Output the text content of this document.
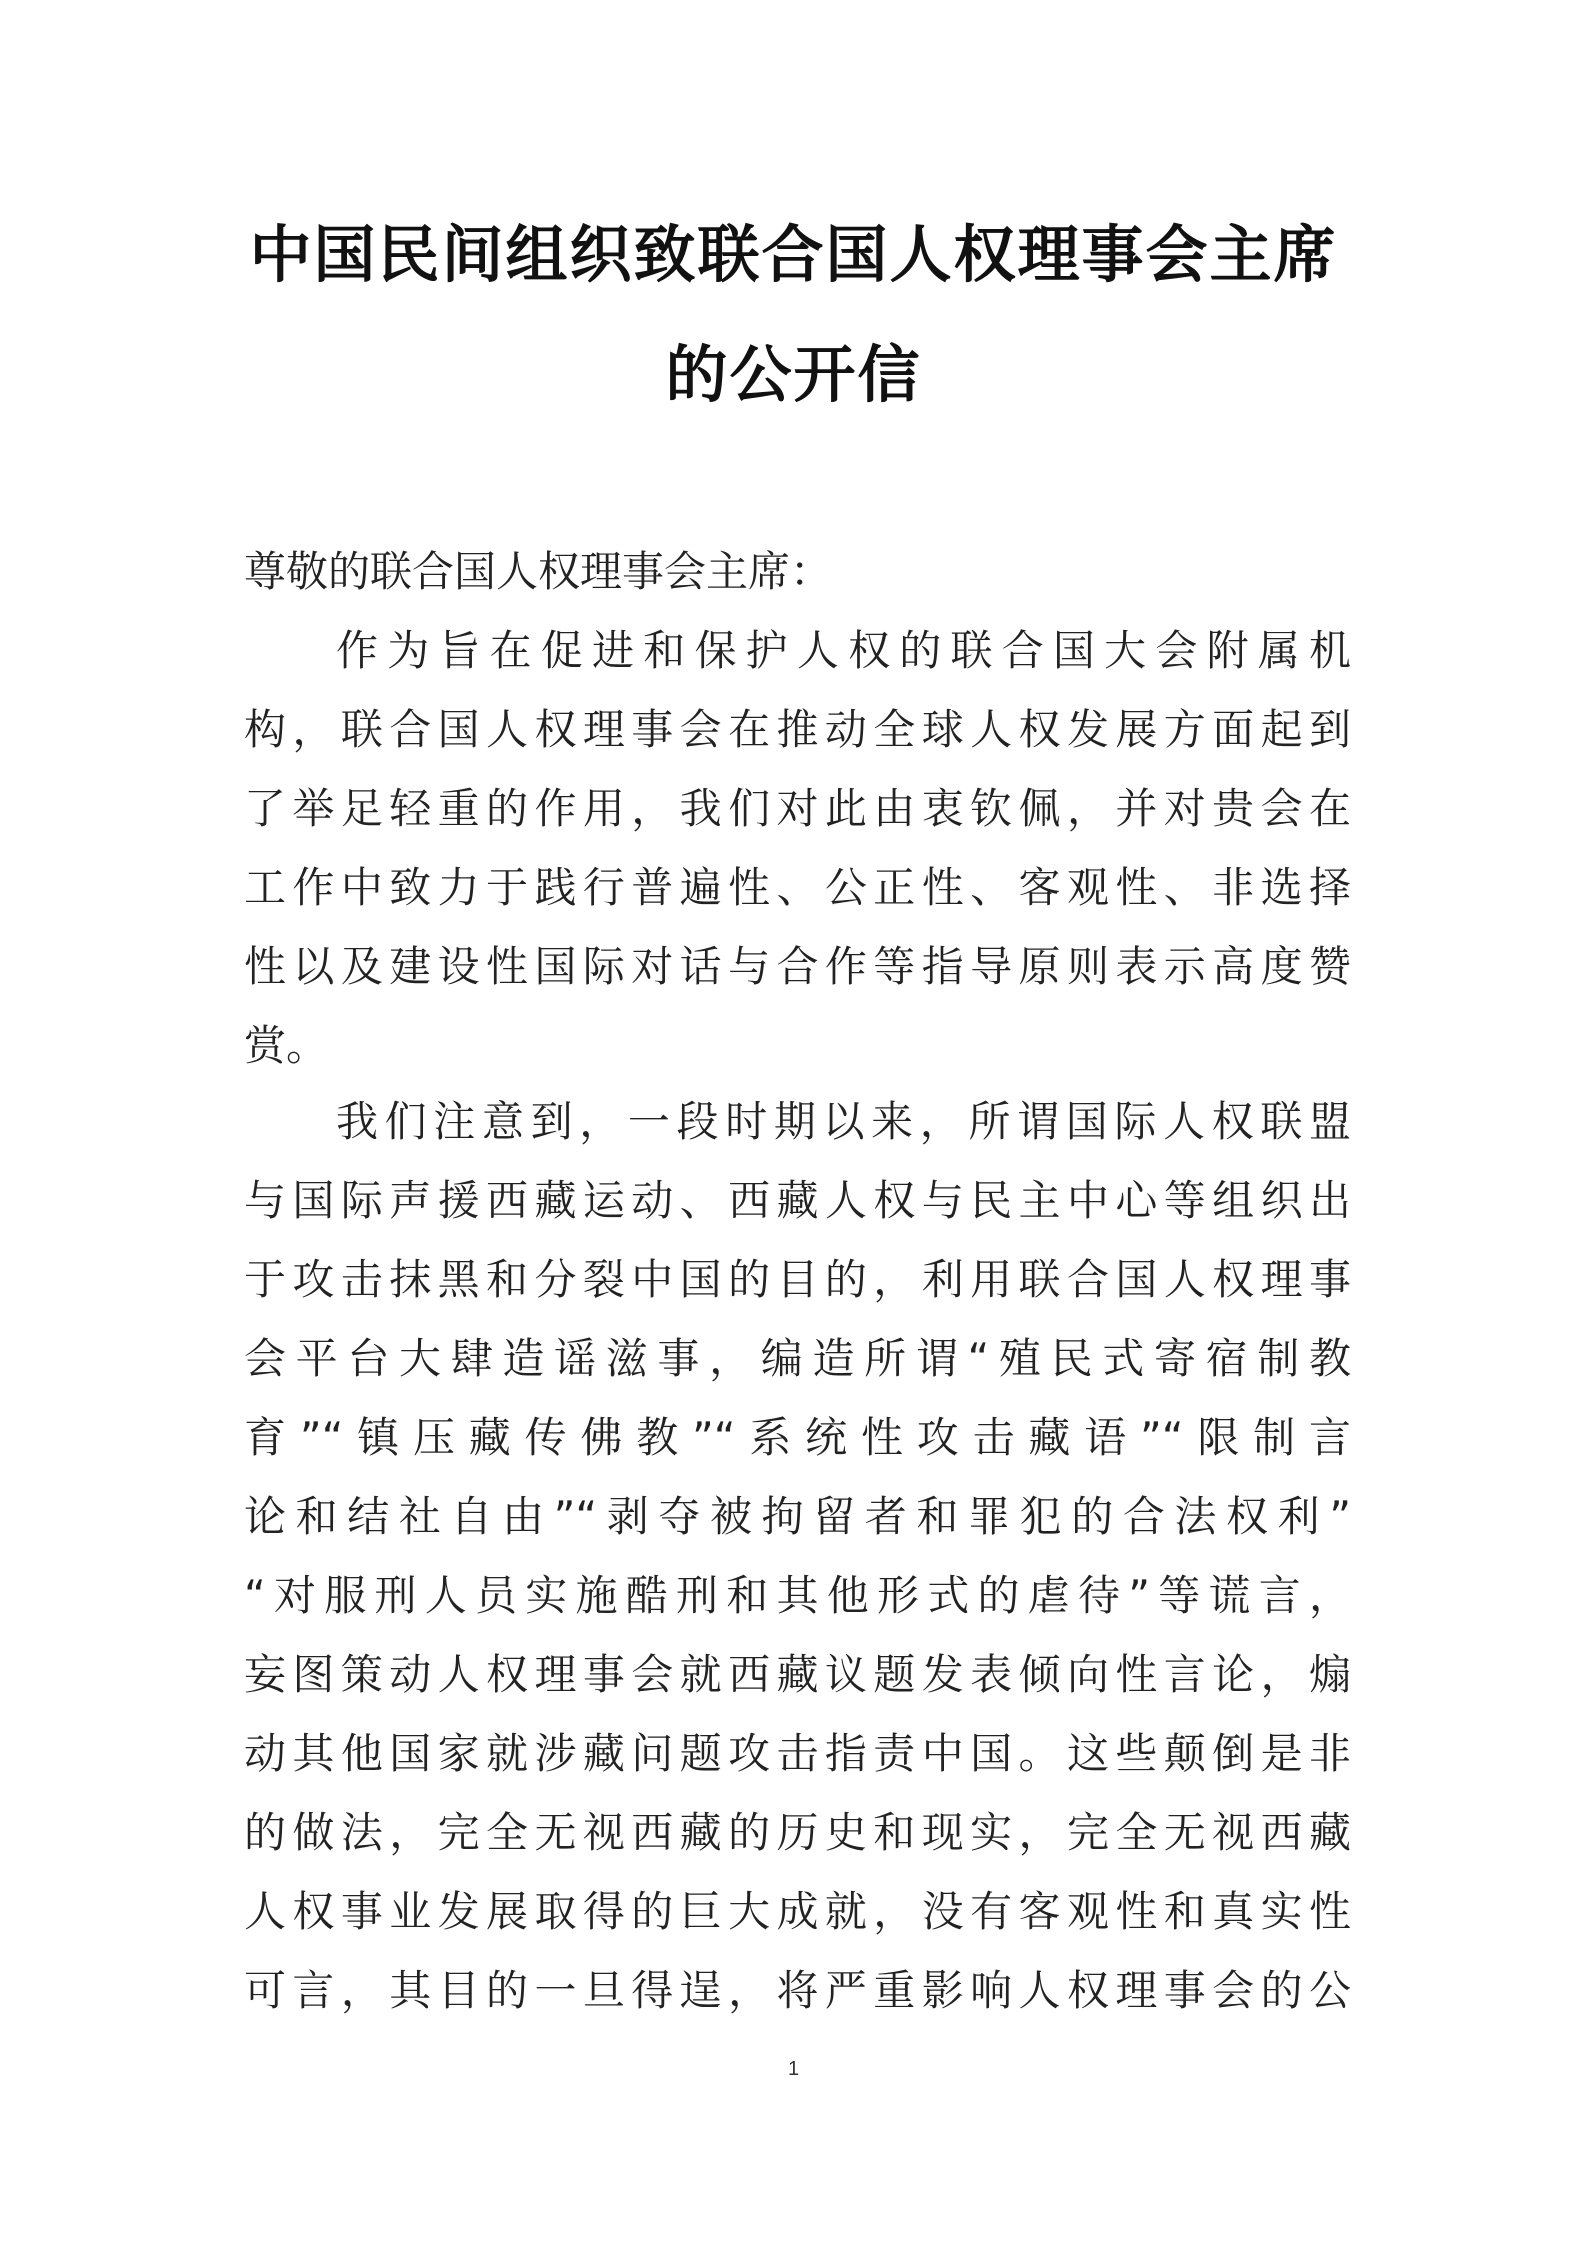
中国民间组织致联合国人权理事会主席
的公开信
尊敬的联合国人权理事会主席：
作为旨在促进和保护人权的联合国大会附属机
构，联合国人权理事会在推动全球人权发展方面起到
了举足轻重的作用，我们对此由衷钦佩，并对贵会在
工作中致力于践行普遍性、公正性、客观性、非选择
性以及建设性国际对话与合作等指导原则表示高度赞
赏。
我们注意到，一段时期以来，所谓国际人权联盟
与国际声援西藏运动、西藏人权与民主中心等组织出
于攻击抹黑和分裂中国的目的，利用联合国人权理事
会平台大肆造谣滋事，编造所谓“殖民式寄宿制教
育”“镇压藏传佛教”“系统性攻击藏语”“限制言
论和结社自由”“剥夺被拘留者和罪犯的合法权利”
“对服刑人员实施酷刑和其他形式的虐待”等谎言，
妄图策动人权理事会就西藏议题发表倾向性言论，煽
动其他国家就涉藏问题攻击指责中国。这些颠倒是非
的做法，完全无视西藏的历史和现实，完全无视西藏
人权事业发展取得的巨大成就，没有客观性和真实性
可言，其目的一旦得逞，将严重影响人权理事会的公
1
